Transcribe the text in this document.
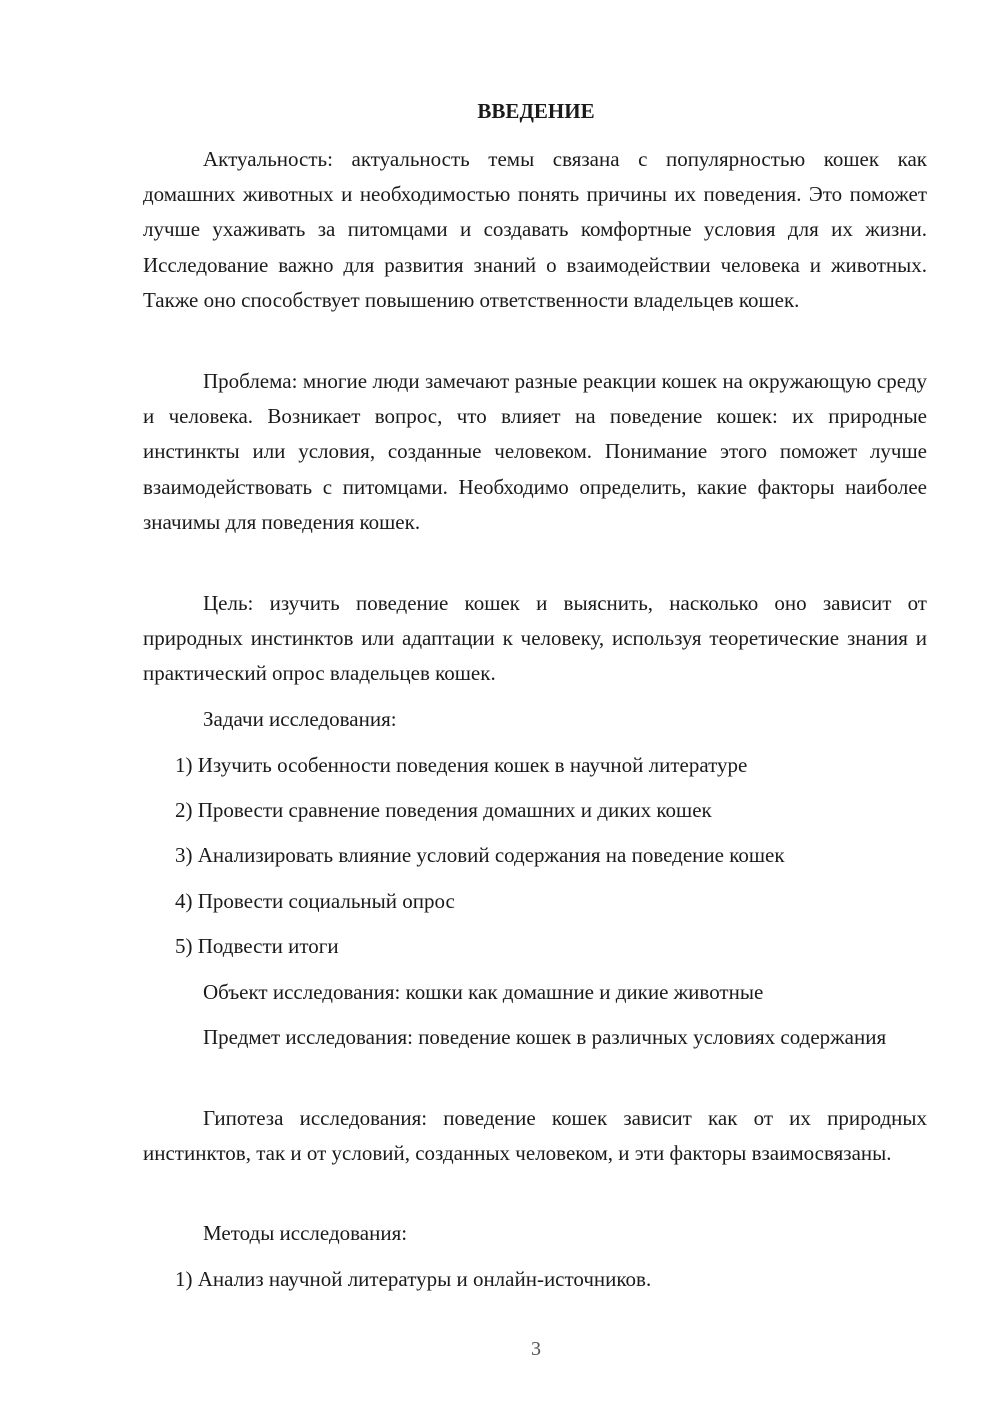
ВВЕДЕНИЕ
Актуальность: актуальность темы связана с популярностью кошек как домашних животных и необходимостью понять причины их поведения. Это поможет лучше ухаживать за питомцами и создавать комфортные условия для их жизни. Исследование важно для развития знаний о взаимодействии человека и животных. Также оно способствует повышению ответственности владельцев кошек.
Проблема: многие люди замечают разные реакции кошек на окружающую среду и человека. Возникает вопрос, что влияет на поведение кошек: их природные инстинкты или условия, созданные человеком. Понимание этого поможет лучше взаимодействовать с питомцами. Необходимо определить, какие факторы наиболее значимы для поведения кошек.
Цель: изучить поведение кошек и выяснить, насколько оно зависит от природных инстинктов или адаптации к человеку, используя теоретические знания и практический опрос владельцев кошек.
Задачи исследования:
1) Изучить особенности поведения кошек в научной литературе
2) Провести сравнение поведения домашних и диких кошек
3) Анализировать влияние условий содержания на поведение кошек
4) Провести социальный опрос
5) Подвести итоги
Объект исследования: кошки как домашние и дикие животные
Предмет исследования: поведение кошек в различных условиях содержания
Гипотеза исследования: поведение кошек зависит как от их природных инстинктов, так и от условий, созданных человеком, и эти факторы взаимосвязаны.
Методы исследования:
1) Анализ научной литературы и онлайн-источников.
3
